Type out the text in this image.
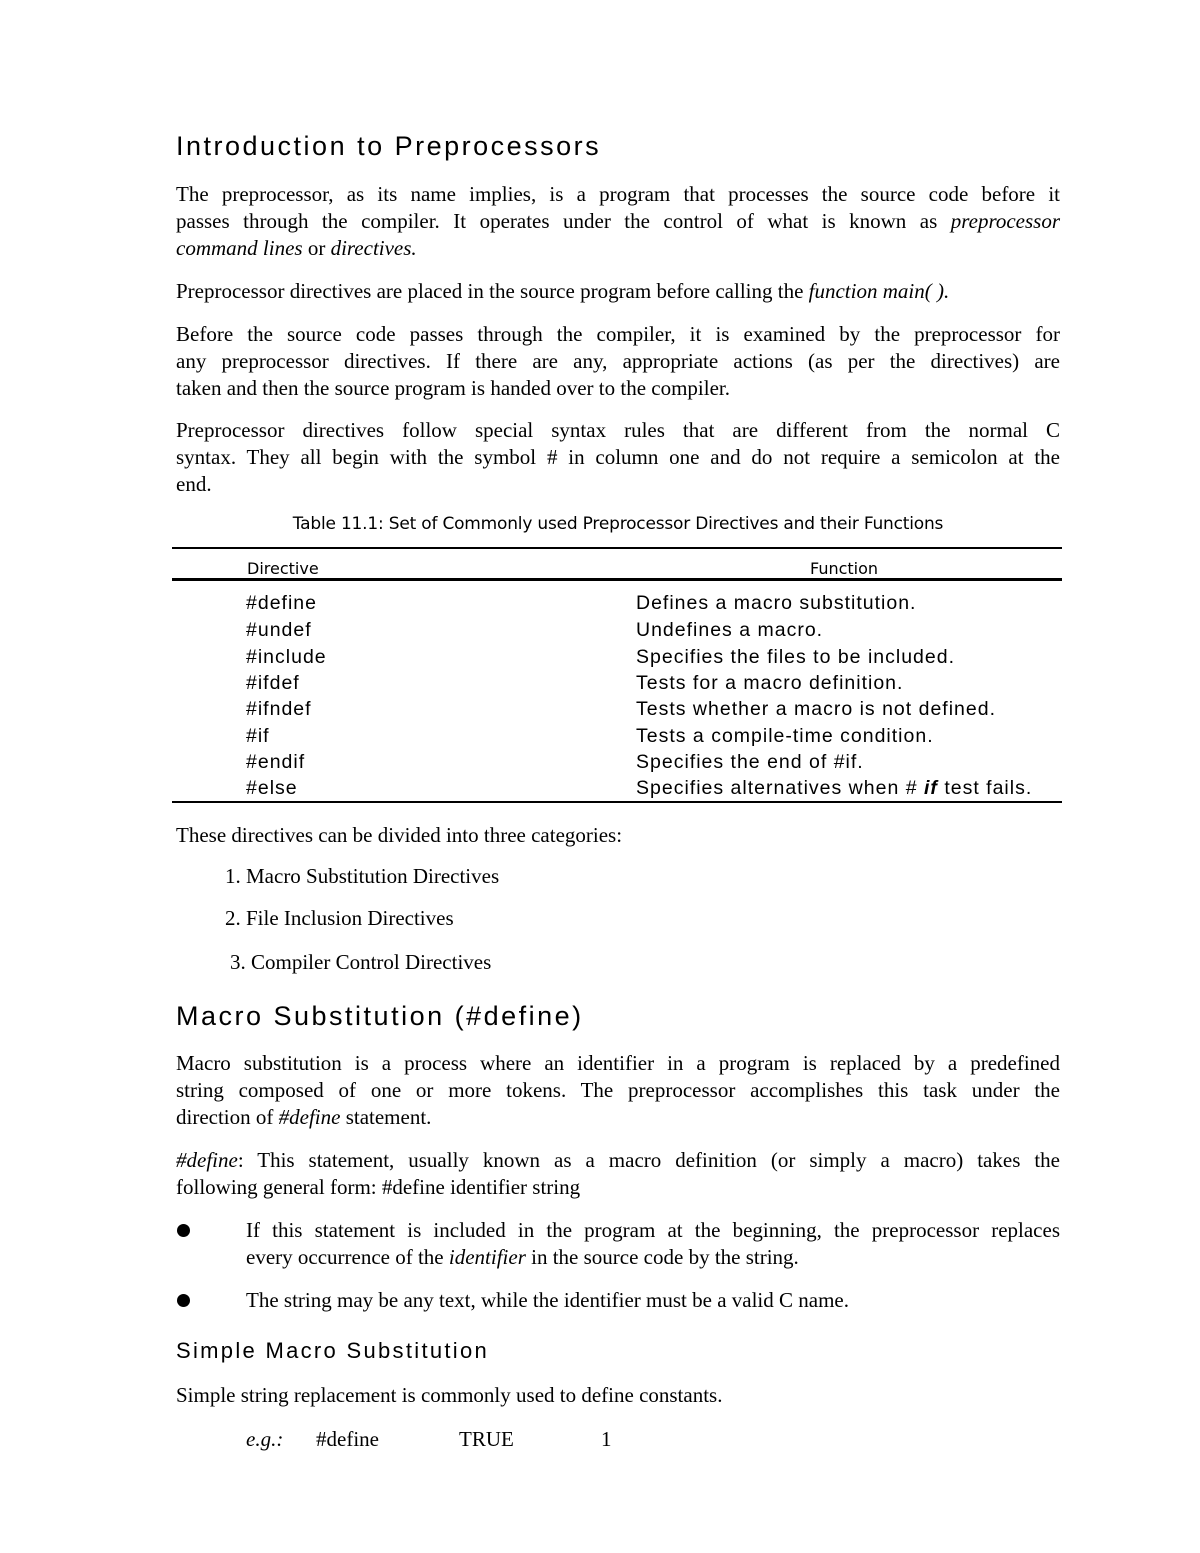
Introduction to Preprocessors

The preprocessor, as its name implies, is a program that processes the source code before it
passes through the compiler. It operates under the control of what is known as preprocessor
command lines or directives.

Preprocessor directives are placed in the source program before calling the function main( ).

Before the source code passes through the compiler, it is examined by the preprocessor for
any preprocessor directives. If there are any, appropriate actions (as per the directives) are
taken and then the source program is handed over to the compiler.

Preprocessor directives follow special syntax rules that are different from the normal C
syntax. They all begin with the symbol # in column one and do not require a semicolon at the
end.

Table 11.1: Set of Commonly used Preprocessor Directives and their Functions

Directive	Function
#define	Defines a macro substitution.
#undef	Undefines a macro.
#include	Specifies the files to be included.
#ifdef	Tests for a macro definition.
#ifndef	Tests whether a macro is not defined.
#if	Tests a compile-time condition.
#endif	Specifies the end of #if.
#else	Specifies alternatives when # if test fails.

These directives can be divided into three categories:

1. Macro Substitution Directives

2. File Inclusion Directives

3. Compiler Control Directives

Macro Substitution (#define)

Macro substitution is a process where an identifier in a program is replaced by a predefined
string composed of one or more tokens. The preprocessor accomplishes this task under the
direction of #define statement.

#define: This statement, usually known as a macro definition (or simply a macro) takes the
following general form: #define identifier string

If this statement is included in the program at the beginning, the preprocessor replaces
every occurrence of the identifier in the source code by the string.

The string may be any text, while the identifier must be a valid C name.

Simple Macro Substitution

Simple string replacement is commonly used to define constants.

e.g.: #define	TRUE	1
